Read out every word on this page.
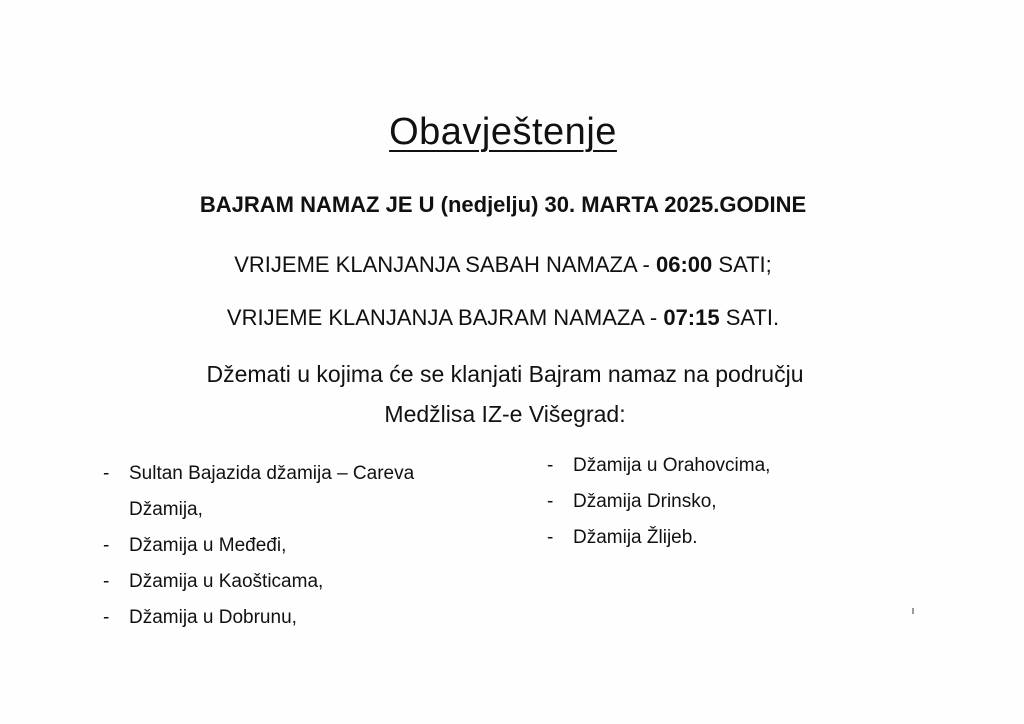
Obavještenje
BAJRAM NAMAZ JE U (nedjelju) 30. MARTA 2025.GODINE
VRIJEME KLANJANJA SABAH NAMAZA - 06:00 SATI;
VRIJEME KLANJANJA BAJRAM NAMAZA - 07:15 SATI.
Džemati u kojima će se klanjati Bajram namaz na području
Medžlisa IZ-e Višegrad:
- Sultan Bajazida džamija – Careva
Džamija,
- Džamija u Međeđi,
- Džamija u Kaošticama,
- Džamija u Dobrunu,
- Džamija u Orahovcima,
- Džamija Drinsko,
- Džamija Žlijeb.
